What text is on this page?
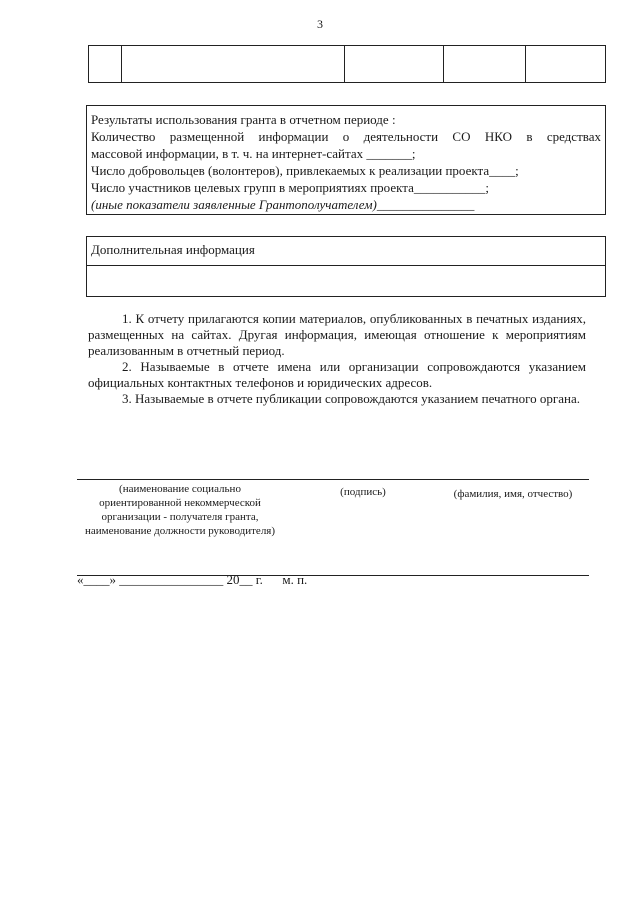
3
Результаты использования гранта в отчетном периоде :
Количество размещенной информации о деятельности СО НКО в средствах
массовой информации, в т. ч. на интернет-сайтах _______;
Число добровольцев (волонтеров), привлекаемых к реализации проекта____;
Число участников целевых групп в мероприятиях проекта___________;
(иные показатели заявленные Грантополучателем)_______________
Дополнительная информация

1. К отчету прилагаются копии материалов, опубликованных в печатных изданиях, размещенных на сайтах. Другая информация, имеющая отношение к мероприятиям реализованным в отчетный период.

2. Называемые в отчете имена или организации сопровождаются указанием официальных контактных телефонов и юридических адресов.

3. Называемые в отчете публикации сопровождаются указанием печатного органа.

(наименование социально ориентированной некоммерческой организации - получателя гранта, наименование должности руководителя)
(подпись)	(фамилия, имя, отчество)
«____» ________________ 20__ г.      м. п.
